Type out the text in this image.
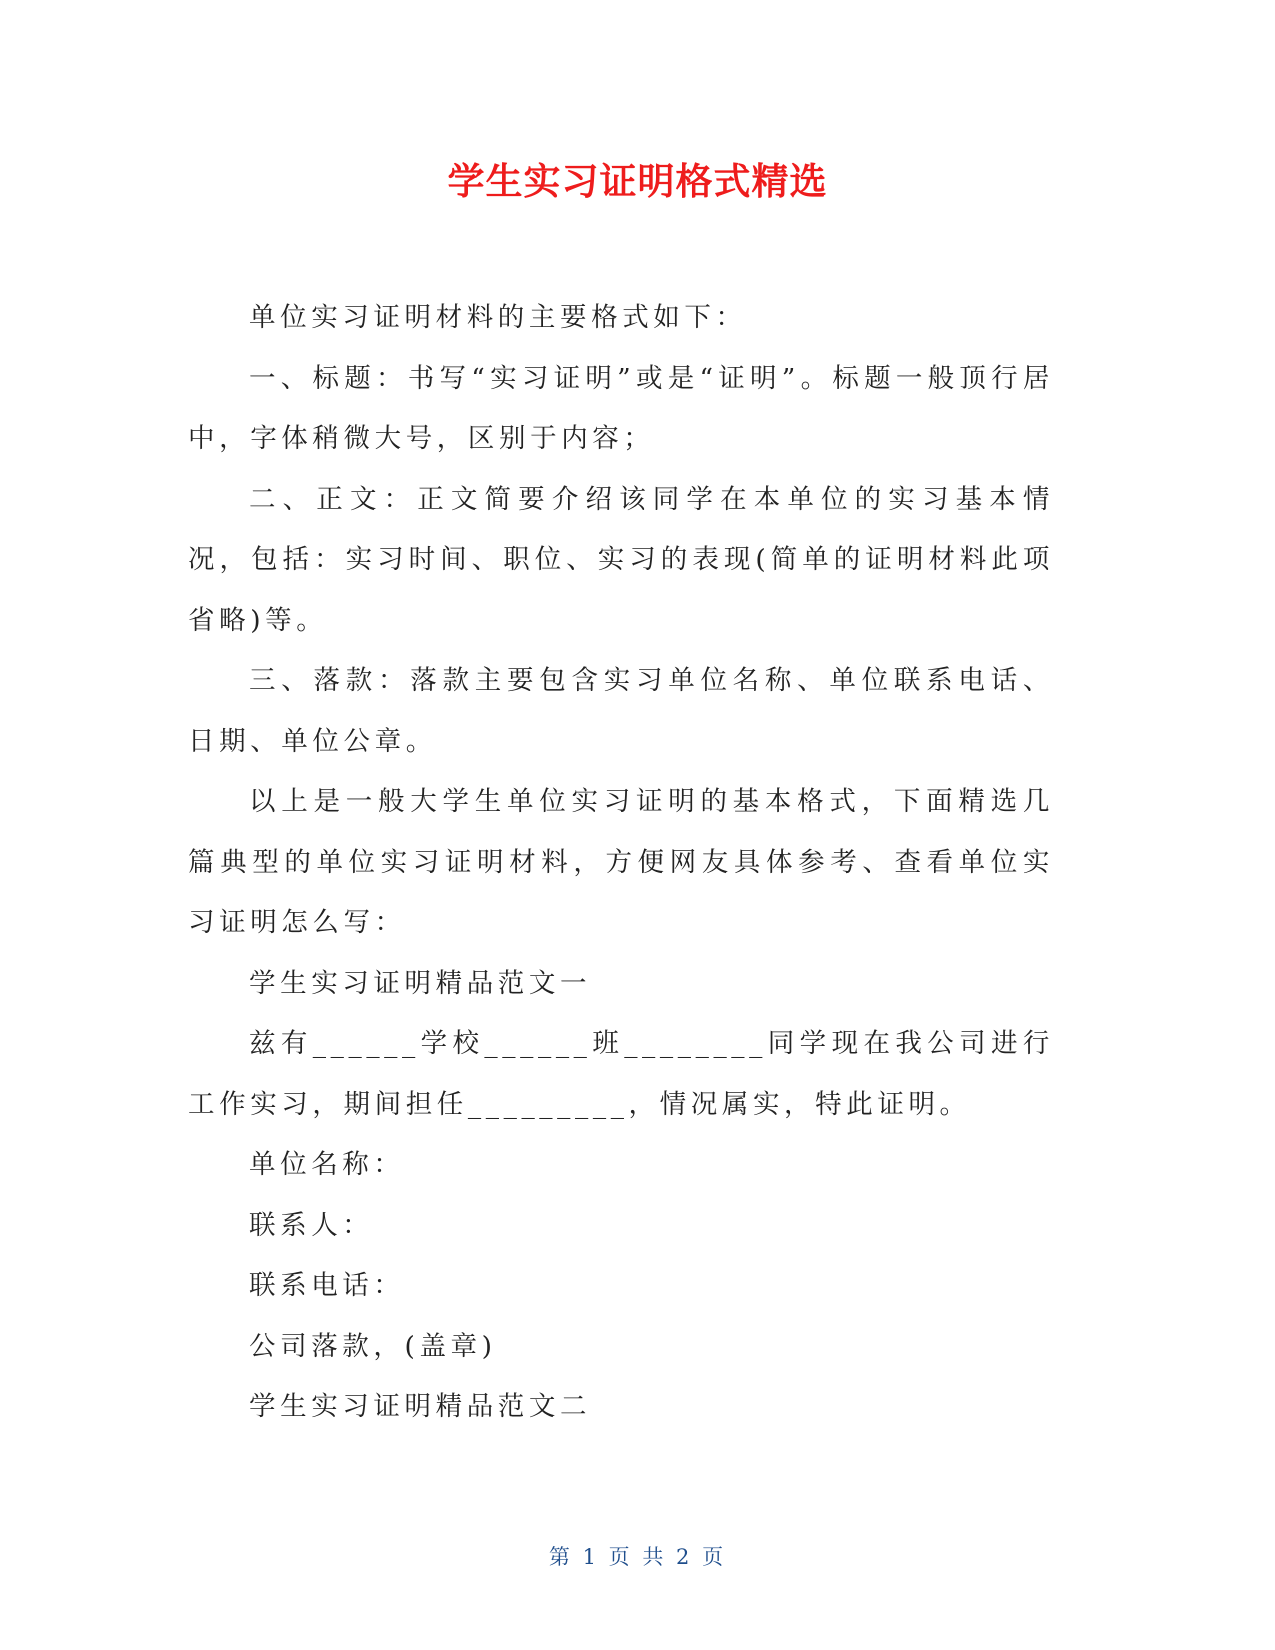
学生实习证明格式精选

单位实习证明材料的主要格式如下：

一、标题：书写“实习证明”或是“证明”。标题一般顶行居中，字体稍微大号，区别于内容；

二、正文：正文简要介绍该同学在本单位的实习基本情况，包括：实习时间、职位、实习的表现(简单的证明材料此项省略)等。

三、落款：落款主要包含实习单位名称、单位联系电话、日期、单位公章。

以上是一般大学生单位实习证明的基本格式，下面精选几篇典型的单位实习证明材料，方便网友具体参考、查看单位实习证明怎么写：

学生实习证明精品范文一

兹有______学校______班________同学现在我公司进行工作实习，期间担任_________，情况属实，特此证明。

单位名称：

联系人：

联系电话：

公司落款，(盖章)

学生实习证明精品范文二

第 1 页 共 2 页
